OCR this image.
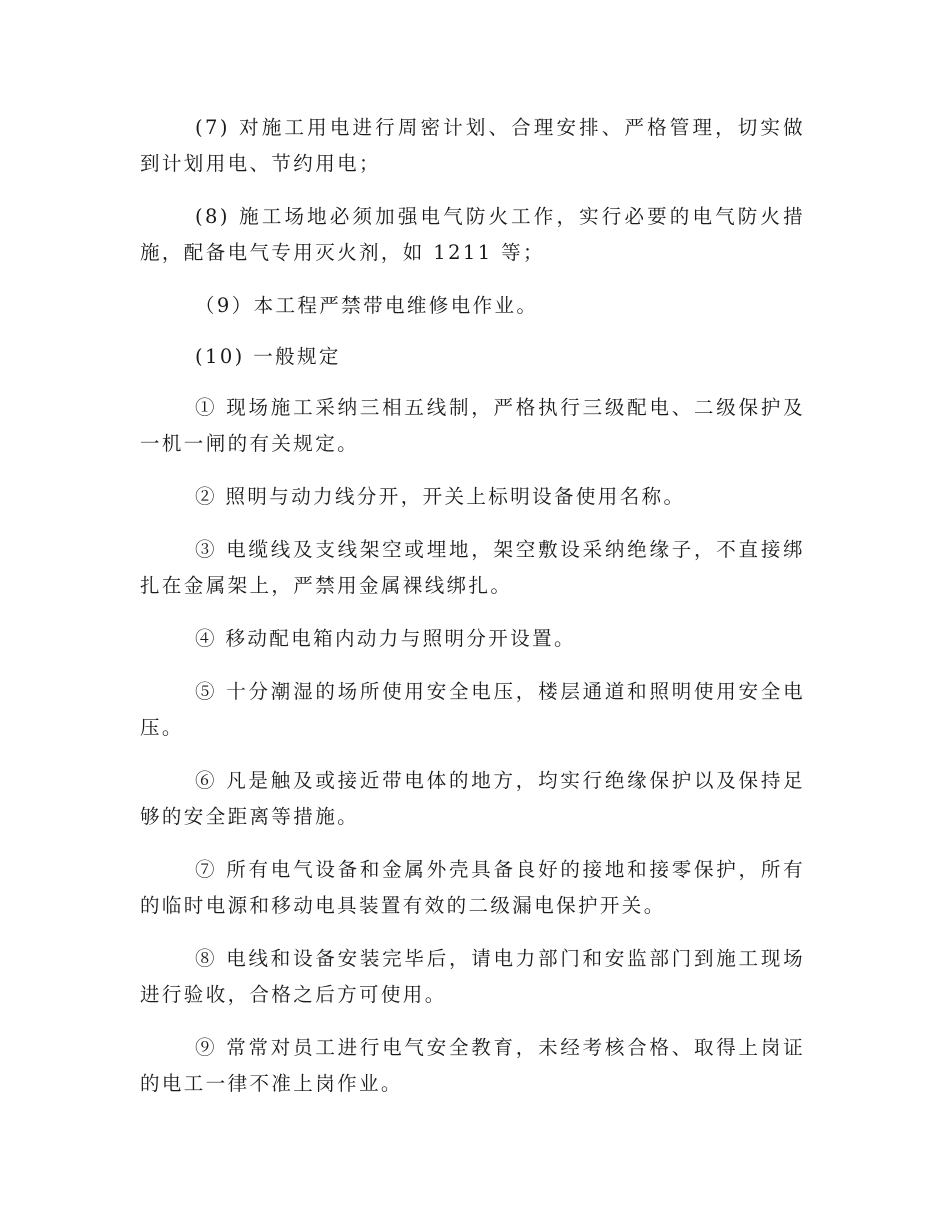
(7) 对施工用电进行周密计划、合理安排、严格管理，切实做到计划用电、节约用电；

(8) 施工场地必须加强电气防火工作，实行必要的电气防火措施，配备电气专用灭火剂，如 1211 等；

（9）本工程严禁带电维修电作业。

(10) 一般规定

① 现场施工采纳三相五线制，严格执行三级配电、二级保护及一机一闸的有关规定。

② 照明与动力线分开，开关上标明设备使用名称。

③ 电缆线及支线架空或埋地，架空敷设采纳绝缘子，不直接绑扎在金属架上，严禁用金属裸线绑扎。

④ 移动配电箱内动力与照明分开设置。

⑤ 十分潮湿的场所使用安全电压，楼层通道和照明使用安全电压。

⑥ 凡是触及或接近带电体的地方，均实行绝缘保护以及保持足够的安全距离等措施。

⑦ 所有电气设备和金属外壳具备良好的接地和接零保护，所有的临时电源和移动电具装置有效的二级漏电保护开关。

⑧ 电线和设备安装完毕后，请电力部门和安监部门到施工现场进行验收，合格之后方可使用。

⑨ 常常对员工进行电气安全教育，未经考核合格、取得上岗证的电工一律不准上岗作业。
